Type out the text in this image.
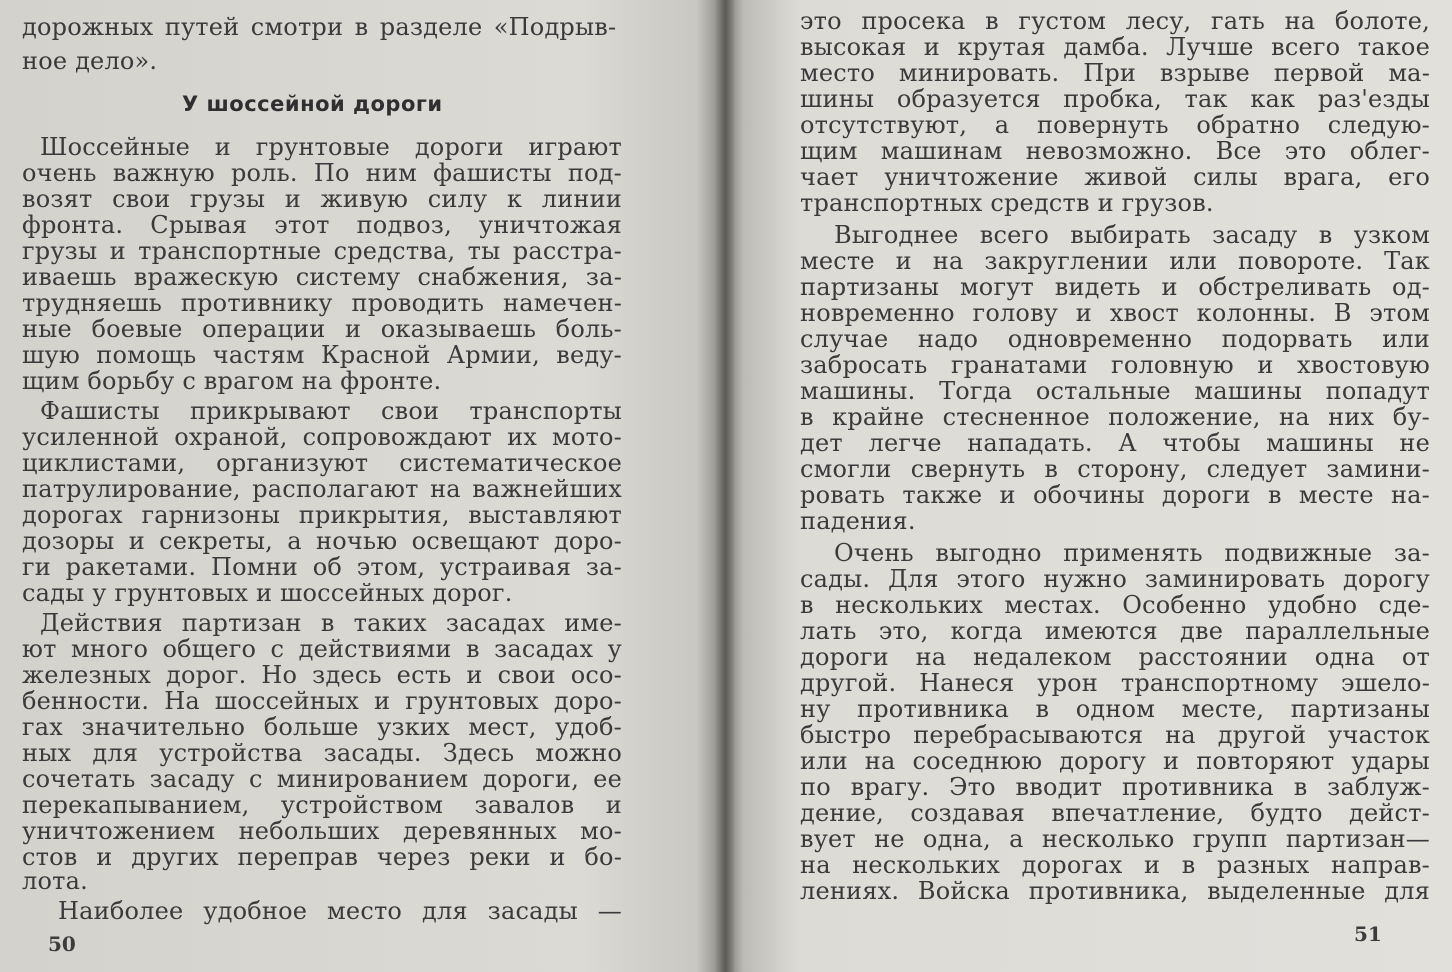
дорожных путей смотри в разделе «Подрыв-
ное дело».
У шоссейной дороги
Шоссейные и грунтовые дороги играют
очень важную роль. По ним фашисты под-
возят свои грузы и живую силу к линии
фронта. Срывая этот подвоз, уничтожая
грузы и транспортные средства, ты расстра-
иваешь вражескую систему снабжения, за-
трудняешь противнику проводить намечен-
ные боевые операции и оказываешь боль-
шую помощь частям Красной Армии, веду-
щим борьбу с врагом на фронте.
Фашисты прикрывают свои транспорты
усиленной охраной, сопровождают их мото-
циклистами, организуют систематическое
патрулирование, располагают на важнейших
дорогах гарнизоны прикрытия, выставляют
дозоры и секреты, а ночью освещают доро-
ги ракетами. Помни об этом, устраивая за-
сады у грунтовых и шоссейных дорог.
Действия партизан в таких засадах име-
ют много общего с действиями в засадах у
железных дорог. Но здесь есть и свои осо-
бенности. На шоссейных и грунтовых доро-
гах значительно больше узких мест, удоб-
ных для устройства засады. Здесь можно
сочетать засаду с минированием дороги, ее
перекапыванием, устройством завалов и
уничтожением небольших деревянных мо-
стов и других переправ через реки и бо-
лота.
Наиболее удобное место для засады —
50
это просека в густом лесу, гать на болоте,
высокая и крутая дамба. Лучше всего такое
место минировать. При взрыве первой ма-
шины образуется пробка, так как раз'езды
отсутствуют, а повернуть обратно следую-
щим машинам невозможно. Все это облег-
чает уничтожение живой силы врага, его
транспортных средств и грузов.
Выгоднее всего выбирать засаду в узком
месте и на закруглении или повороте. Так
партизаны могут видеть и обстреливать од-
новременно голову и хвост колонны. В этом
случае надо одновременно подорвать или
забросать гранатами головную и хвостовую
машины. Тогда остальные машины попадут
в крайне стесненное положение, на них бу-
дет легче нападать. А чтобы машины не
смогли свернуть в сторону, следует замини-
ровать также и обочины дороги в месте на-
падения.
Очень выгодно применять подвижные за-
сады. Для этого нужно заминировать дорогу
в нескольких местах. Особенно удобно сде-
лать это, когда имеются две параллельные
дороги на недалеком расстоянии одна от
другой. Нанеся урон транспортному эшело-
ну противника в одном месте, партизаны
быстро перебрасываются на другой участок
или на соседнюю дорогу и повторяют удары
по врагу. Это вводит противника в заблуж-
дение, создавая впечатление, будто дейст-
вует не одна, а несколько групп партизан—
на нескольких дорогах и в разных направ-
лениях. Войска противника, выделенные для
51
